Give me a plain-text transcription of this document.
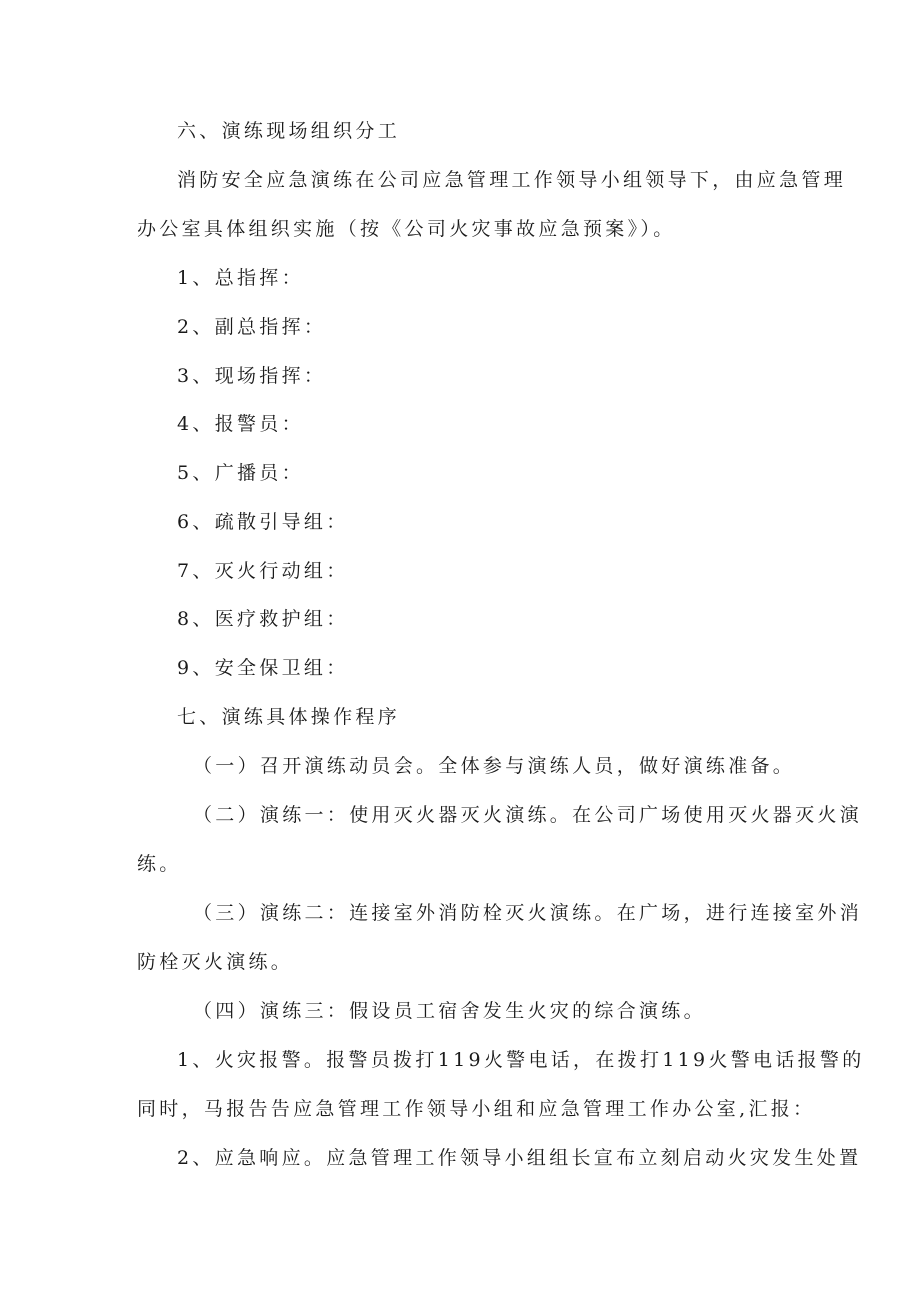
六、演练现场组织分工
消防安全应急演练在公司应急管理工作领导小组领导下，由应急管理
办公室具体组织实施（按《公司火灾事故应急预案》）。
1、总指挥：
2、副总指挥：
3、现场指挥：
4、报警员：
5、广播员：
6、疏散引导组：
7、灭火行动组：
8、医疗救护组：
9、安全保卫组：
七、演练具体操作程序
（一）召开演练动员会。全体参与演练人员，做好演练准备。
（二）演练一：使用灭火器灭火演练。在公司广场使用灭火器灭火演
练。
（三）演练二：连接室外消防栓灭火演练。在广场，进行连接室外消
防栓灭火演练。
（四）演练三：假设员工宿舍发生火灾的综合演练。
1、火灾报警。报警员拨打119火警电话，在拨打119火警电话报警的
同时，马报告告应急管理工作领导小组和应急管理工作办公室,汇报：
2、应急响应。应急管理工作领导小组组长宣布立刻启动火灾发生处置
